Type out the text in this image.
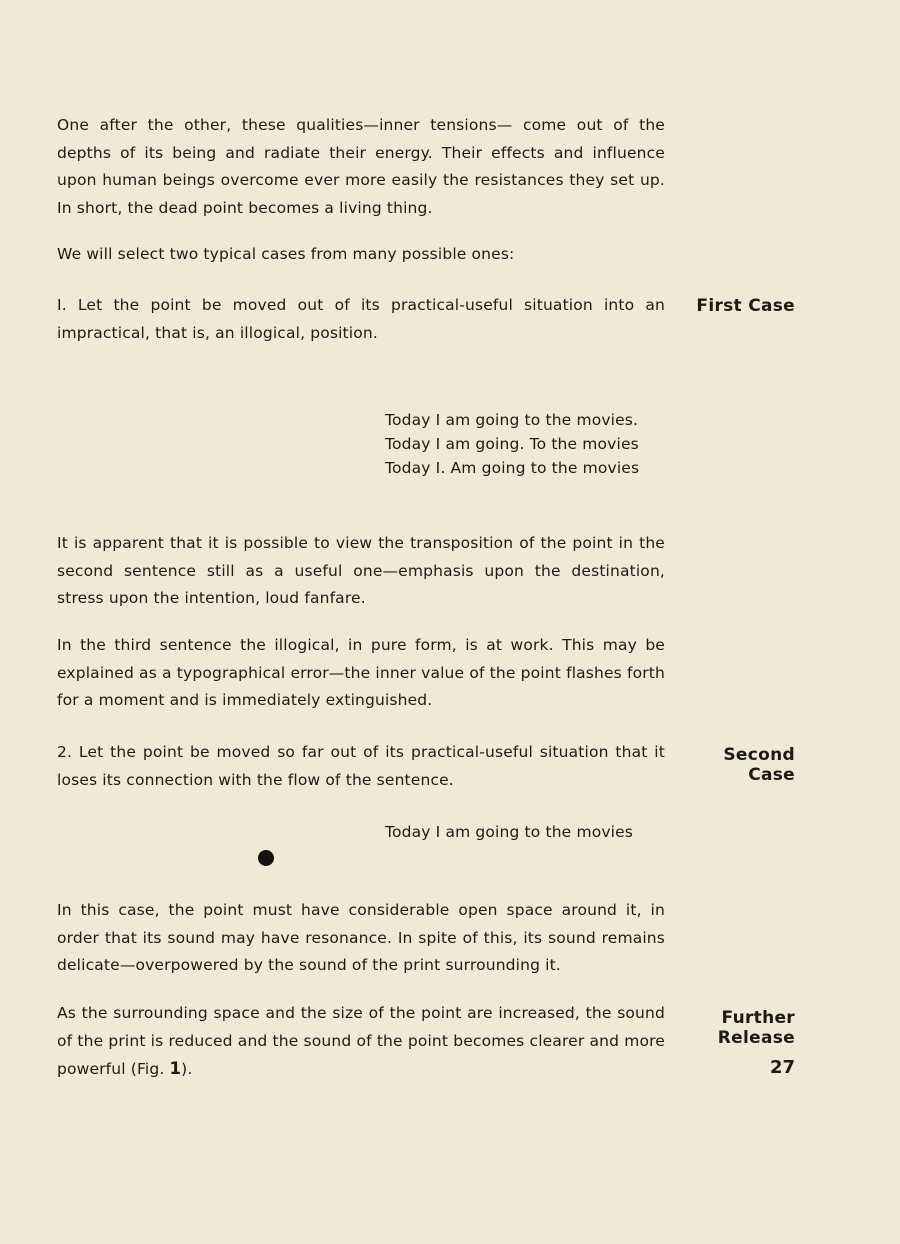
One after the other, these qualities—inner tensions— come out of the depths of its being and radiate their energy. Their effects and influence upon human beings overcome ever more easily the resistances they set up. In short, the dead point becomes a living thing.
We will select two typical cases from many possible ones:
I. Let the point be moved out of its practical-useful situation into an impractical, that is, an illogical, position.
First Case
Today I am going to the movies.
Today I am going. To the movies
Today I. Am going to the movies
It is apparent that it is possible to view the transposition of the point in the second sentence still as a useful one—emphasis upon the destination, stress upon the intention, loud fanfare.
In the third sentence the illogical, in pure form, is at work. This may be explained as a typographical error—the inner value of the point flashes forth for a moment and is immediately extinguished.
2. Let the point be moved so far out of its practical-useful situation that it loses its connection with the flow of the sentence.
Second
Case
Today I am going to the movies
In this case, the point must have considerable open space around it, in order that its sound may have resonance. In spite of this, its sound remains delicate—overpowered by the sound of the print surrounding it.
As the surrounding space and the size of the point are increased, the sound of the print is reduced and the sound of the point becomes clearer and more powerful (Fig. 1).
Further
Release
27
